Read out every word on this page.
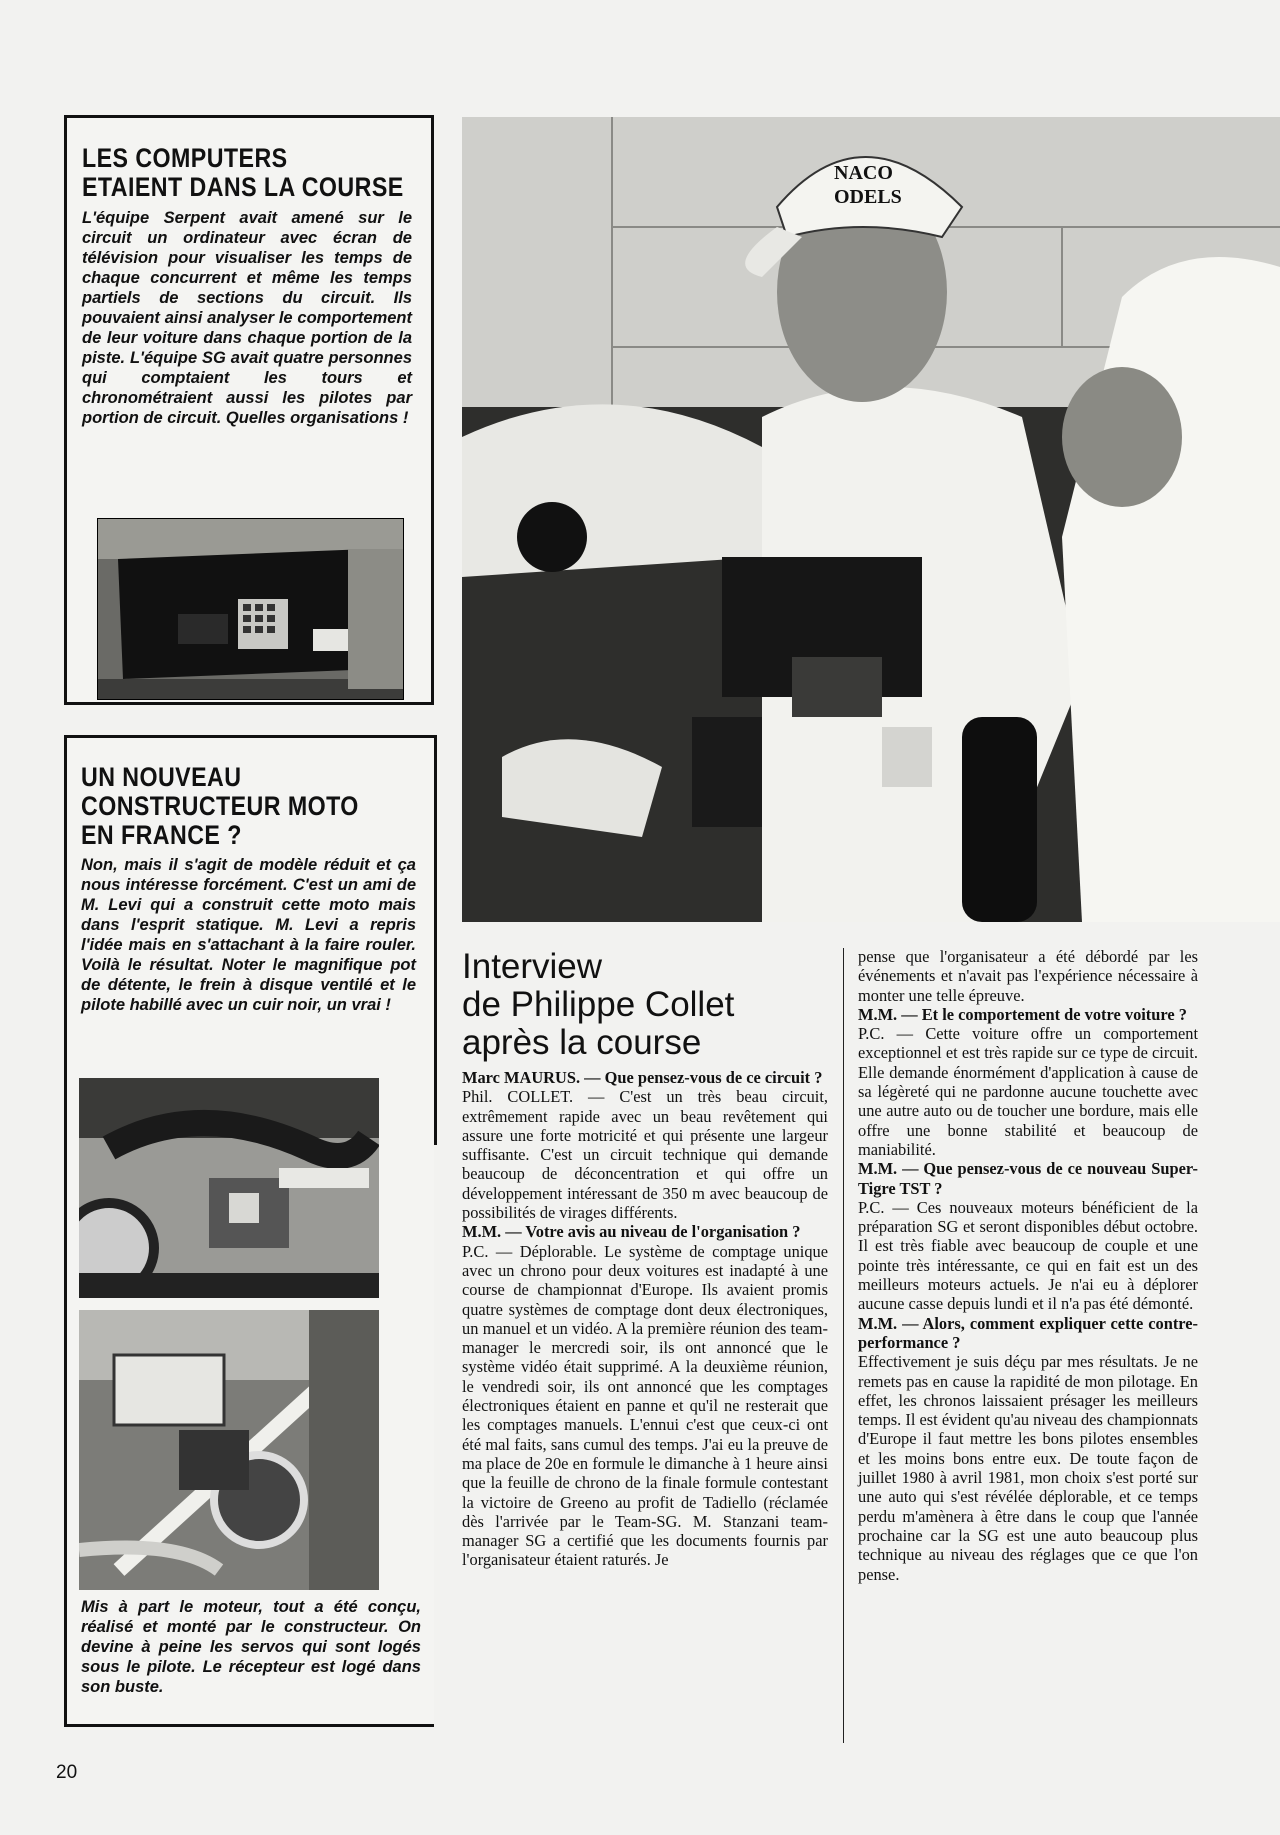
LES COMPUTERS
ETAIENT DANS LA COURSE

L'équipe Serpent avait amené sur le circuit un ordinateur avec écran de télévision pour visualiser les temps de chaque concurrent et même les temps partiels de sections du circuit. Ils pouvaient ainsi analyser le comportement de leur voiture dans chaque portion de la piste. L'équipe SG avait quatre personnes qui comptaient les tours et chronométraient aussi les pilotes par portion de circuit. Quelles organisations !

UN NOUVEAU
CONSTRUCTEUR MOTO
EN FRANCE ?

Non, mais il s'agit de modèle réduit et ça nous intéresse forcément. C'est un ami de M. Levi qui a construit cette moto mais dans l'esprit statique. M. Levi a repris l'idée mais en s'attachant à la faire rouler. Voilà le résultat. Noter le magnifique pot de détente, le frein à disque ventilé et le pilote habillé avec un cuir noir, un vrai !

Mis à part le moteur, tout a été conçu, réalisé et monté par le constructeur. On devine à peine les servos qui sont logés sous le pilote. Le récepteur est logé dans son buste.

NACO
ODELS
Interview
de Philippe Collet
après la course

Marc MAURUS. — Que pensez-vous de ce circuit ?

Phil. COLLET. — C'est un très beau circuit, extrêmement rapide avec un beau revêtement qui assure une forte motricité et qui présente une largeur suffisante. C'est un circuit technique qui demande beaucoup de déconcentration et qui offre un développement intéressant de 350 m avec beaucoup de possibilités de virages différents.

M.M. — Votre avis au niveau de l'organisation ?

P.C. — Déplorable. Le système de comptage unique avec un chrono pour deux voitures est inadapté à une course de championnat d'Europe. Ils avaient promis quatre systèmes de comptage dont deux électroniques, un manuel et un vidéo. A la première réunion des team-manager le mercredi soir, ils ont annoncé que le système vidéo était supprimé. A la deuxième réunion, le vendredi soir, ils ont annoncé que les comptages électroniques étaient en panne et qu'il ne resterait que les comptages manuels. L'ennui c'est que ceux-ci ont été mal faits, sans cumul des temps. J'ai eu la preuve de ma place de 20e en formule le dimanche à 1 heure ainsi que la feuille de chrono de la finale formule contestant la victoire de Greeno au profit de Tadiello (réclamée dès l'arrivée par le Team-SG. M. Stanzani team-manager SG a certifié que les documents fournis par l'organisateur étaient raturés. Je

pense que l'organisateur a été débordé par les événements et n'avait pas l'expérience nécessaire à monter une telle épreuve.

M.M. — Et le comportement de votre voiture ?

P.C. — Cette voiture offre un comportement exceptionnel et est très rapide sur ce type de circuit. Elle demande énormément d'application à cause de sa légèreté qui ne pardonne aucune touchette avec une autre auto ou de toucher une bordure, mais elle offre une bonne stabilité et beaucoup de maniabilité.

M.M. — Que pensez-vous de ce nouveau Super-Tigre TST ?

P.C. — Ces nouveaux moteurs bénéficient de la préparation SG et seront disponibles début octobre. Il est très fiable avec beaucoup de couple et une pointe très intéressante, ce qui en fait est un des meilleurs moteurs actuels. Je n'ai eu à déplorer aucune casse depuis lundi et il n'a pas été démonté.

M.M. — Alors, comment expliquer cette contre-performance ?

Effectivement je suis déçu par mes résultats. Je ne remets pas en cause la rapidité de mon pilotage. En effet, les chronos laissaient présager les meilleurs temps. Il est évident qu'au niveau des championnats d'Europe il faut mettre les bons pilotes ensembles et les moins bons entre eux. De toute façon de juillet 1980 à avril 1981, mon choix s'est porté sur une auto qui s'est révélée déplorable, et ce temps perdu m'amènera à être dans le coup que l'année prochaine car la SG est une auto beaucoup plus technique au niveau des réglages que ce que l'on pense.

20
